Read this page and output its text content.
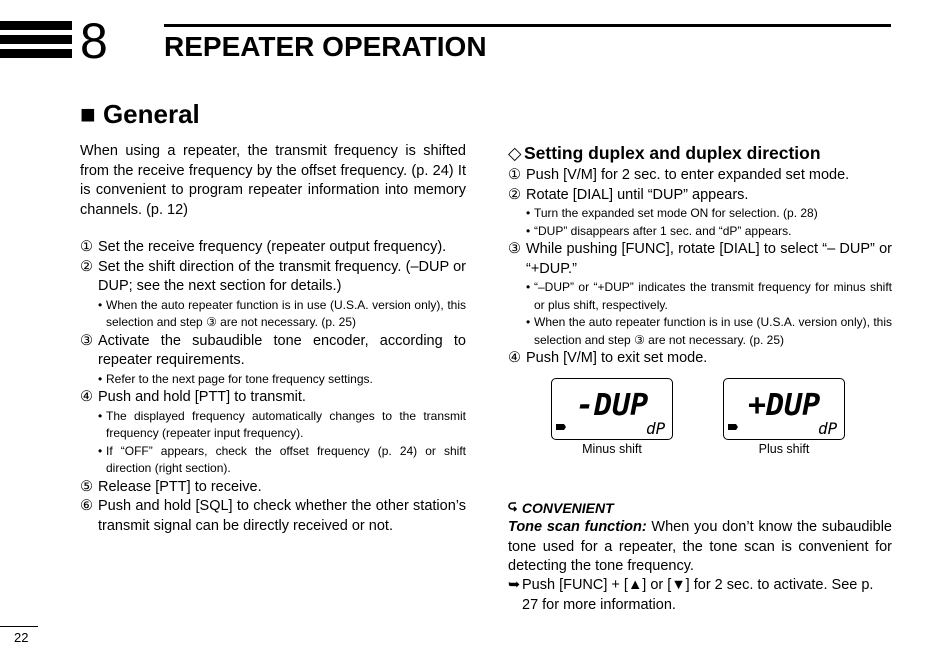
8 REPEATER OPERATION
■ General

When using a repeater, the transmit frequency is shifted from the receive frequency by the offset frequency. (p. 24) It is convenient to program repeater information into memory channels. (p. 12)

① Set the receive frequency (repeater output frequency).
② Set the shift direction of the transmit frequency. (–DUP or DUP; see the next section for details.)
• When the auto repeater function is in use (U.S.A. version only), this selection and step ③ are not necessary. (p. 25)
③ Activate the subaudible tone encoder, according to repeater requirements.
• Refer to the next page for tone frequency settings.
④ Push and hold [PTT] to transmit.
• The displayed frequency automatically changes to the transmit frequency (repeater input frequency).
• If “OFF” appears, check the offset frequency (p. 24) or shift direction (right section).
⑤ Release [PTT] to receive.
⑥ Push and hold [SQL] to check whether the other station’s transmit signal can be directly received or not.
◇ Setting duplex and duplex direction
① Push [V/M] for 2 sec. to enter expanded set mode.
② Rotate [DIAL] until “DUP” appears.
• Turn the expanded set mode ON for selection. (p. 28)
• “DUP” disappears after 1 sec. and “dP” appears.
③ While pushing [FUNC], rotate [DIAL] to select “– DUP” or “+DUP.”
• “–DUP” or “+DUP” indicates the transmit frequency for minus shift or plus shift, respectively.
• When the auto repeater function is in use (U.S.A. version only), this selection and step ③ are not necessary. (p. 25)
④ Push [V/M] to exit set mode.
-DUP
dP
Minus shift
+DUP
dP
Plus shift
CONVENIENT
Tone scan function: When you don’t know the subaudible tone used for a repeater, the tone scan is convenient for detecting the tone frequency.
➥ Push [FUNC] + [▲] or [▼] for 2 sec. to activate. See p. 27 for more information.
22
